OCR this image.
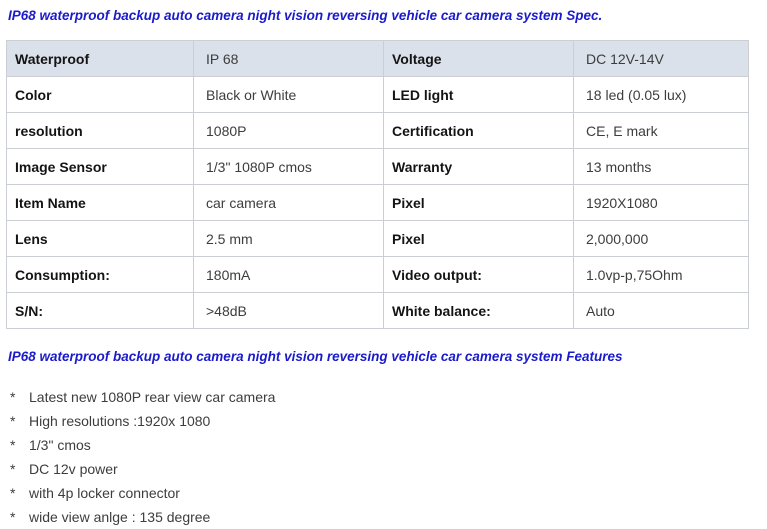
IP68 waterproof backup auto camera night vision reversing vehicle car camera system Spec.
Waterproof	IP 68	Voltage	DC 12V-14V
Color	Black or White	LED light	18 led (0.05 lux)
resolution	1080P	Certification	CE, E mark
Image Sensor	1/3" 1080P cmos	Warranty	13 months
Item Name	car camera	Pixel	1920X1080
Lens	2.5 mm	Pixel	2,000,000
Consumption:	180mA	Video output:	1.0vp-p,75Ohm
S/N:	>48dB	White balance:	Auto
IP68 waterproof backup auto camera night vision reversing vehicle car camera system Features
* Latest new 1080P rear view car camera
* High resolutions :1920x 1080
* 1/3" cmos
* DC 12v power
* with 4p locker connector
* wide view anlge : 135 degree
